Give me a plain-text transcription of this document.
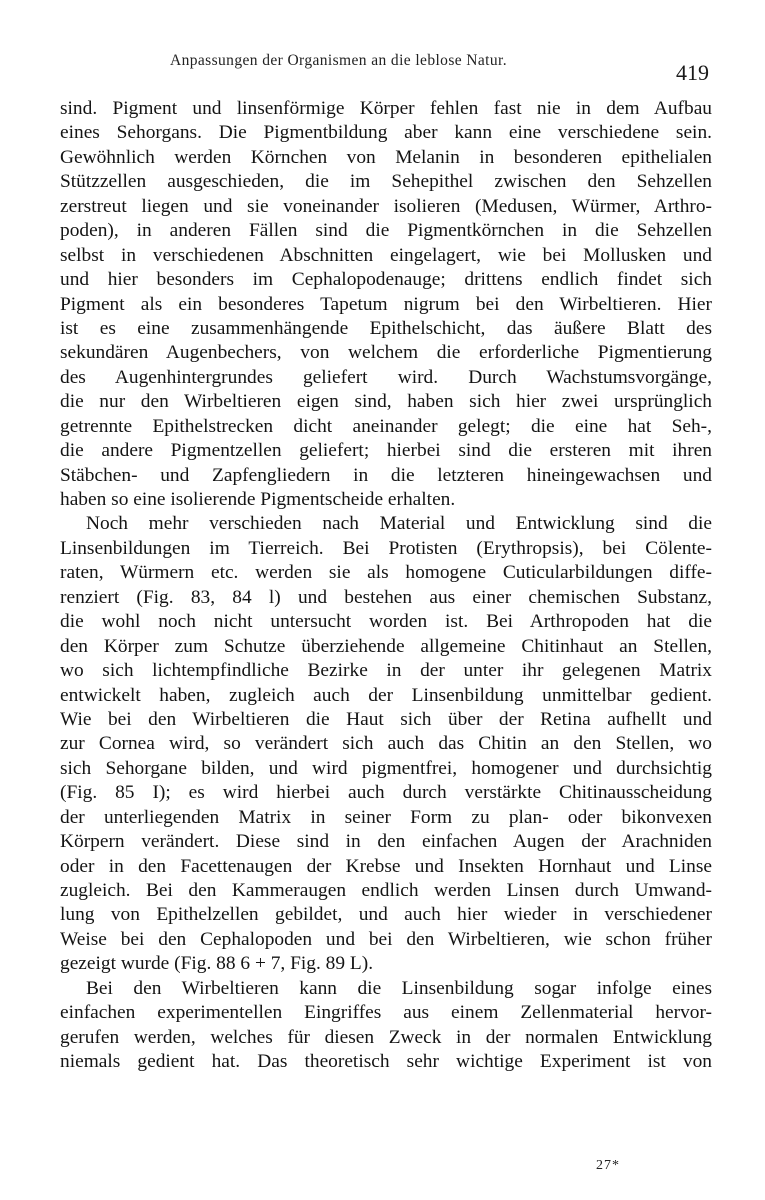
Anpassungen der Organismen an die leblose Natur.	419
sind. Pigment und linsenförmige Körper fehlen fast nie in dem Aufbau
eines Sehorgans. Die Pigmentbildung aber kann eine verschiedene sein.
Gewöhnlich werden Körnchen von Melanin in besonderen epithelialen
Stützzellen ausgeschieden, die im Sehepithel zwischen den Sehzellen
zerstreut liegen und sie voneinander isolieren (Medusen, Würmer, Arthro-
poden), in anderen Fällen sind die Pigmentkörnchen in die Sehzellen
selbst in verschiedenen Abschnitten eingelagert, wie bei Mollusken und
und hier besonders im Cephalopodenauge; drittens endlich findet sich
Pigment als ein besonderes Tapetum nigrum bei den Wirbeltieren. Hier
ist es eine zusammenhängende Epithelschicht, das äußere Blatt des
sekundären Augenbechers, von welchem die erforderliche Pigmentierung
des Augenhintergrundes geliefert wird. Durch Wachstumsvorgänge,
die nur den Wirbeltieren eigen sind, haben sich hier zwei ursprünglich
getrennte Epithelstrecken dicht aneinander gelegt; die eine hat Seh-,
die andere Pigmentzellen geliefert; hierbei sind die ersteren mit ihren
Stäbchen- und Zapfengliedern in die letzteren hineingewachsen und
haben so eine isolierende Pigmentscheide erhalten.
Noch mehr verschieden nach Material und Entwicklung sind die
Linsenbildungen im Tierreich. Bei Protisten (Erythropsis), bei Cölente-
raten, Würmern etc. werden sie als homogene Cuticularbildungen diffe-
renziert (Fig. 83, 84 l) und bestehen aus einer chemischen Substanz,
die wohl noch nicht untersucht worden ist. Bei Arthropoden hat die
den Körper zum Schutze überziehende allgemeine Chitinhaut an Stellen,
wo sich lichtempfindliche Bezirke in der unter ihr gelegenen Matrix
entwickelt haben, zugleich auch der Linsenbildung unmittelbar gedient.
Wie bei den Wirbeltieren die Haut sich über der Retina aufhellt und
zur Cornea wird, so verändert sich auch das Chitin an den Stellen, wo
sich Sehorgane bilden, und wird pigmentfrei, homogener und durchsichtig
(Fig. 85 I); es wird hierbei auch durch verstärkte Chitinausscheidung
der unterliegenden Matrix in seiner Form zu plan- oder bikonvexen
Körpern verändert. Diese sind in den einfachen Augen der Arachniden
oder in den Facettenaugen der Krebse und Insekten Hornhaut und Linse
zugleich. Bei den Kammeraugen endlich werden Linsen durch Umwand-
lung von Epithelzellen gebildet, und auch hier wieder in verschiedener
Weise bei den Cephalopoden und bei den Wirbeltieren, wie schon früher
gezeigt wurde (Fig. 88 6 + 7, Fig. 89 L).
Bei den Wirbeltieren kann die Linsenbildung sogar infolge eines
einfachen experimentellen Eingriffes aus einem Zellenmaterial hervor-
gerufen werden, welches für diesen Zweck in der normalen Entwicklung
niemals gedient hat. Das theoretisch sehr wichtige Experiment ist von
27*
